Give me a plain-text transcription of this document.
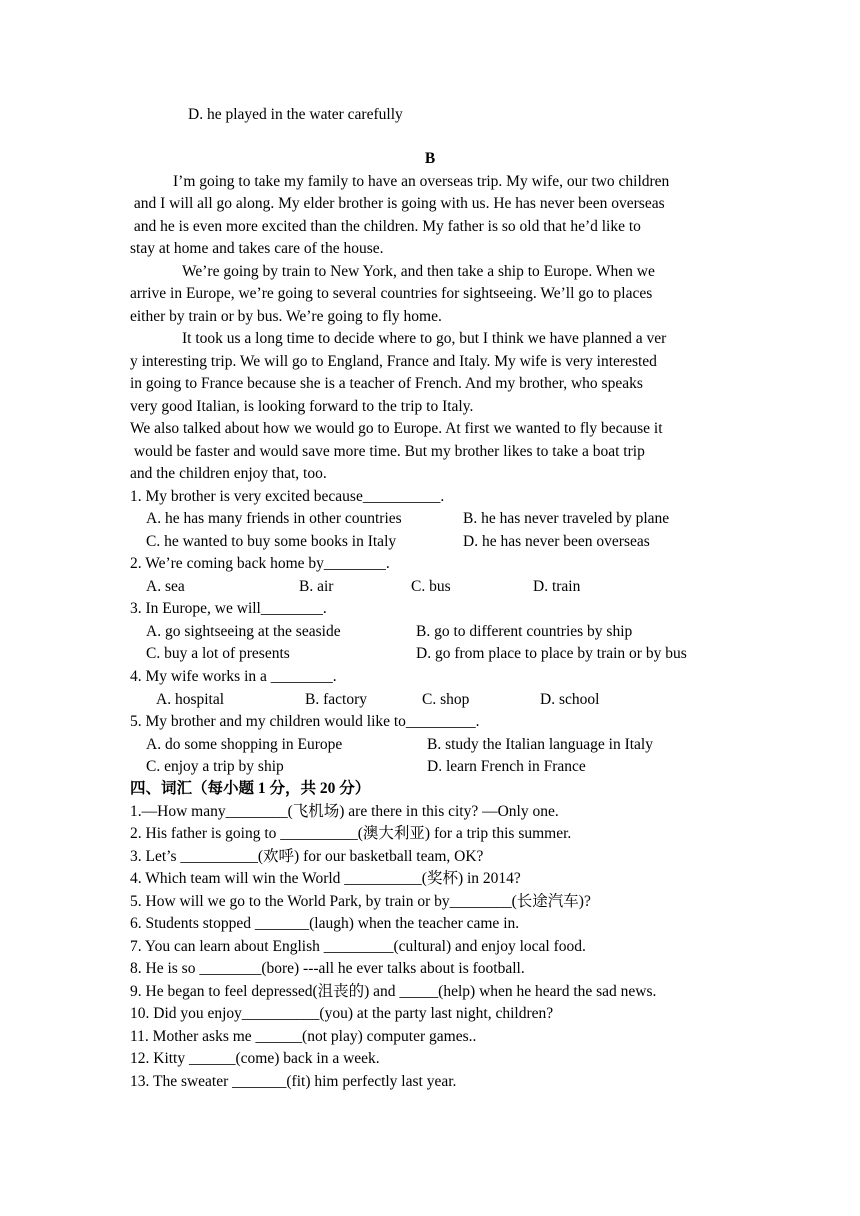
D. he played in the water carefully
B
I’m going to take my family to have an overseas trip. My wife, our two children
and I will all go along. My elder brother is going with us. He has never been overseas
and he is even more excited than the children. My father is so old that he’d like to
stay at home and takes care of the house.
We’re going by train to New York, and then take a ship to Europe. When we
arrive in Europe, we’re going to several countries for sightseeing. We’ll go to places
either by train or by bus. We’re going to fly home.
It took us a long time to decide where to go, but I think we have planned a ver
y interesting trip. We will go to England, France and Italy. My wife is very interested
in going to France because she is a teacher of French. And my brother, who speaks
very good Italian, is looking forward to the trip to Italy.
We also talked about how we would go to Europe. At first we wanted to fly because it
would be faster and would save more time. But my brother likes to take a boat trip
and the children enjoy that, too.
1. My brother is very excited because__________.
A. he has many friends in other countries	B. he has never traveled by plane
C. he wanted to buy some books in Italy	D. he has never been overseas
2. We’re coming back home by________.
A. sea	B. air	C. bus	D. train
3. In Europe, we will________.
A. go sightseeing at the seaside	B. go to different countries by ship
C. buy a lot of presents	D. go from place to place by train or by bus
4. My wife works in a ________.
A. hospital	B. factory	C. shop	D. school
5. My brother and my children would like to_________.
A. do some shopping in Europe	B. study the Italian language in Italy
C. enjoy a trip by ship	D. learn French in France
四、词汇（每小题 1 分，共 20 分）
1.—How many________(飞机场) are there in this city? —Only one.
2. His father is going to __________(澳大利亚) for a trip this summer.
3. Let’s __________(欢呼) for our basketball team, OK?
4. Which team will win the World __________(奖杯) in 2014?
5. How will we go to the World Park, by train or by________(长途汽车)?
6. Students stopped _______(laugh) when the teacher came in.
7. You can learn about English _________(cultural) and enjoy local food.
8. He is so ________(bore) ---all he ever talks about is football.
9. He began to feel depressed(沮丧的) and _____(help) when he heard the sad news.
10. Did you enjoy__________(you) at the party last night, children?
11. Mother asks me ______(not play) computer games..
12. Kitty ______(come) back in a week.
13. The sweater _______(fit) him perfectly last year.
